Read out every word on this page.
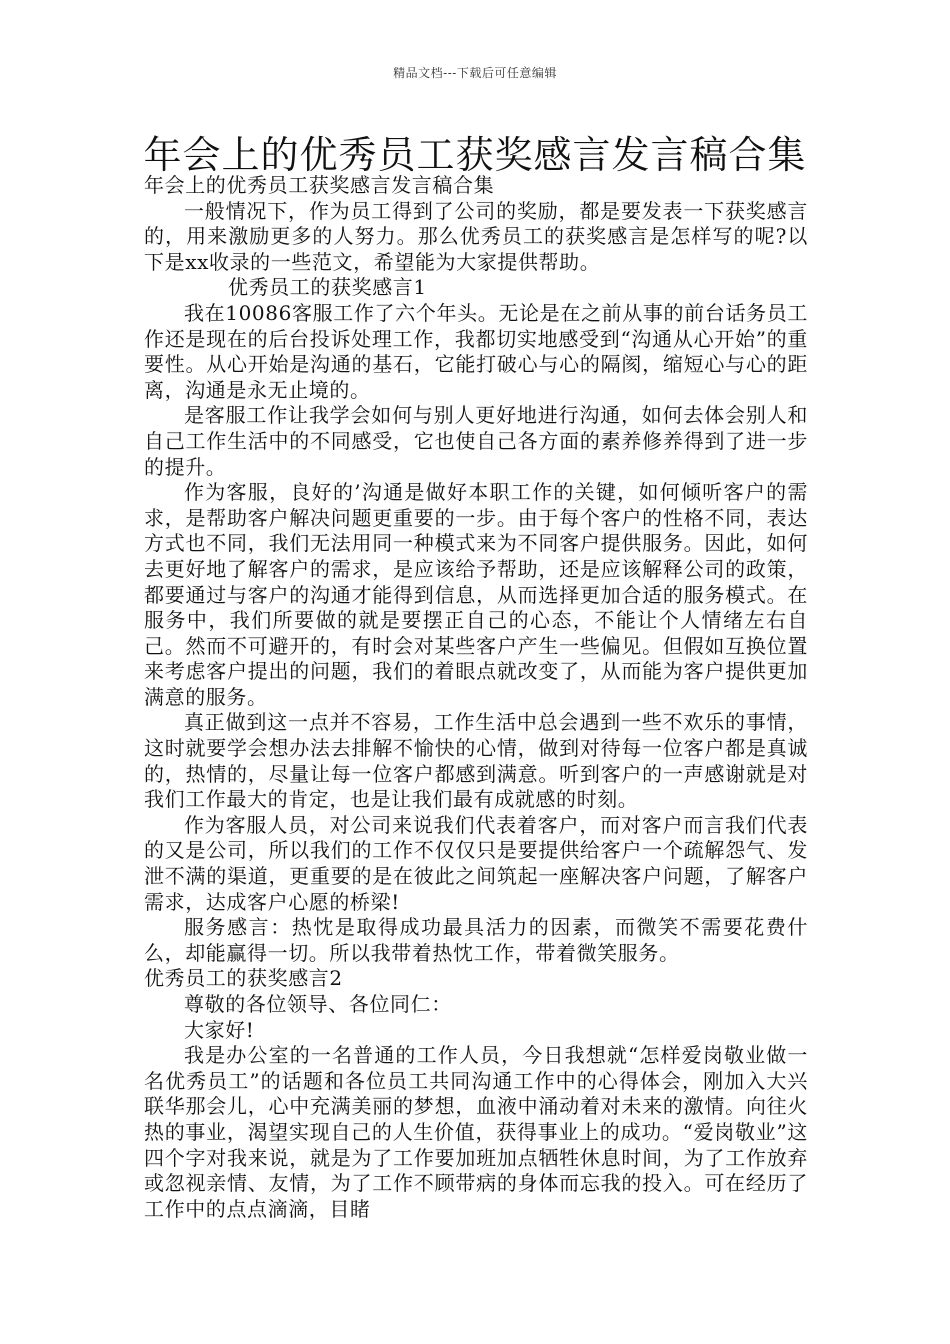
精品文档---下载后可任意编辑
年会上的优秀员工获奖感言发言稿合集

年会上的优秀员工获奖感言发言稿合集

一般情况下，作为员工得到了公司的奖励，都是要发表一下获奖感言的，用来激励更多的人努力。那么优秀员工的获奖感言是怎样写的呢?以下是xx收录的一些范文，希望能为大家提供帮助。

优秀员工的获奖感言1

我在10086客服工作了六个年头。无论是在之前从事的前台话务员工作还是现在的后台投诉处理工作，我都切实地感受到“沟通从心开始”的重要性。从心开始是沟通的基石，它能打破心与心的隔阂，缩短心与心的距离，沟通是永无止境的。

是客服工作让我学会如何与别人更好地进行沟通，如何去体会别人和自己工作生活中的不同感受，它也使自己各方面的素养修养得到了进一步的提升。

作为客服，良好的’沟通是做好本职工作的关键，如何倾听客户的需求，是帮助客户解决问题更重要的一步。由于每个客户的性格不同，表达方式也不同，我们无法用同一种模式来为不同客户提供服务。因此，如何去更好地了解客户的需求，是应该给予帮助，还是应该解释公司的政策，都要通过与客户的沟通才能得到信息，从而选择更加合适的服务模式。在服务中，我们所要做的就是要摆正自己的心态，不能让个人情绪左右自己。然而不可避开的，有时会对某些客户产生一些偏见。但假如互换位置来考虑客户提出的问题，我们的着眼点就改变了，从而能为客户提供更加满意的服务。

真正做到这一点并不容易，工作生活中总会遇到一些不欢乐的事情，这时就要学会想办法去排解不愉快的心情，做到对待每一位客户都是真诚的，热情的，尽量让每一位客户都感到满意。听到客户的一声感谢就是对我们工作最大的肯定，也是让我们最有成就感的时刻。

作为客服人员，对公司来说我们代表着客户，而对客户而言我们代表的又是公司，所以我们的工作不仅仅只是要提供给客户一个疏解怨气、发泄不满的渠道，更重要的是在彼此之间筑起一座解决客户问题，了解客户需求，达成客户心愿的桥梁!

服务感言：热忱是取得成功最具活力的因素，而微笑不需要花费什么，却能赢得一切。所以我带着热忱工作，带着微笑服务。

优秀员工的获奖感言2

尊敬的各位领导、各位同仁：

大家好!

我是办公室的一名普通的工作人员，今日我想就“怎样爱岗敬业做一名优秀员工”的话题和各位员工共同沟通工作中的心得体会，刚加入大兴联华那会儿，心中充满美丽的梦想，血液中涌动着对未来的激情。向往火热的事业，渴望实现自己的人生价值，获得事业上的成功。“爱岗敬业”这四个字对我来说，就是为了工作要加班加点牺牲休息时间，为了工作放弃或忽视亲情、友情，为了工作不顾带病的身体而忘我的投入。可在经历了工作中的点点滴滴，目睹
